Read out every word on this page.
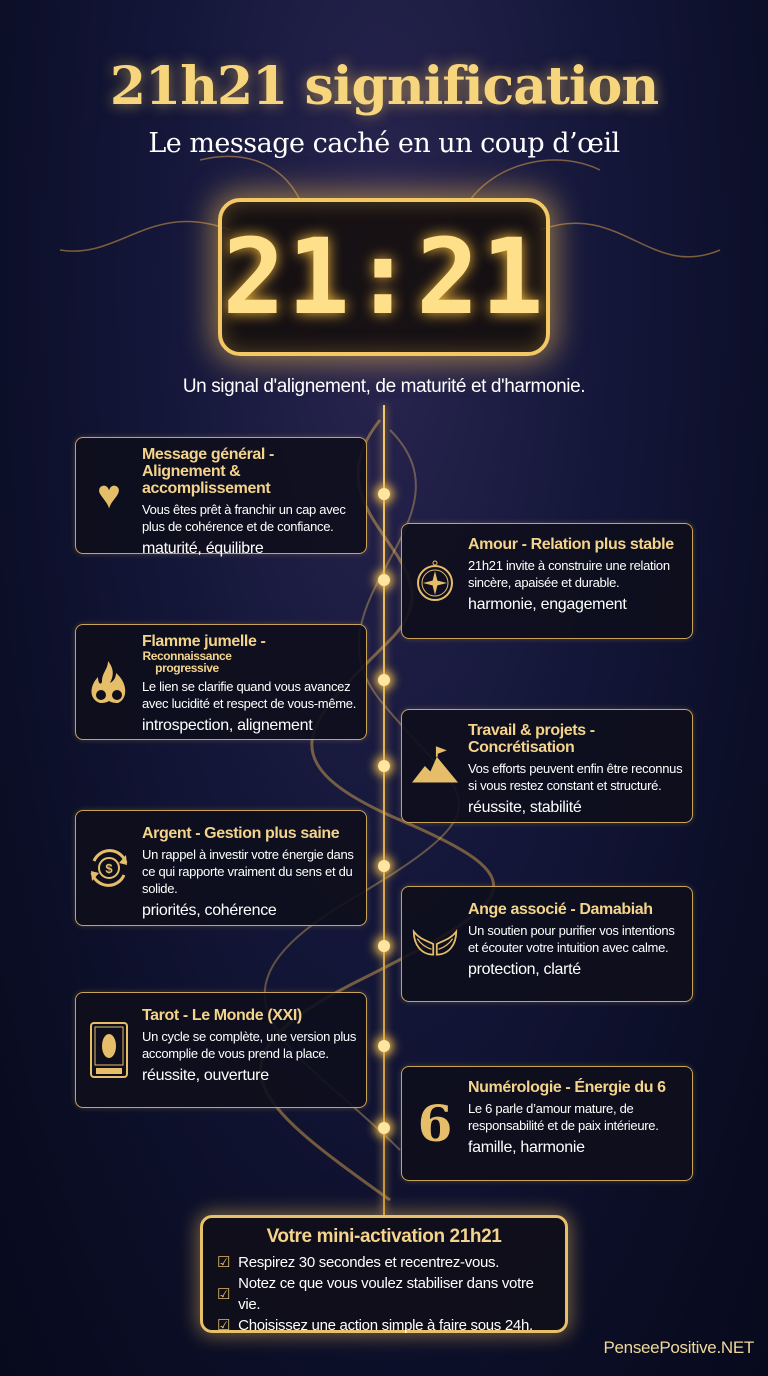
21h21 signification
Le message caché en un coup d’œil
21:21
Un signal d'alignement, de maturité et d'harmonie.
♥
Message général - Alignement & accomplissement

Vous êtes prêt à franchir un cap avec plus de cohérence et de confiance.

maturité, équilibre	Amour - Relation plus stable

21h21 invite à construire une relation sincère, apaisée et durable.

harmonie, engagement
Flamme jumelle - Reconnaissance progressive

Le lien se clarifie quand vous avancez avec lucidité et respect de vous-même.

introspection, alignement	Travail & projets - Concrétisation

Vos efforts peuvent enfin être reconnus si vous restez constant et structuré.

réussite, stabilité
$
Argent - Gestion plus saine

Un rappel à investir votre énergie dans ce qui rapporte vraiment du sens et du solide.

priorités, cohérence	Ange associé - Damabiah

Un soutien pour purifier vos intentions et écouter votre intuition avec calme.

protection, clarté
Tarot - Le Monde (XXI)

Un cycle se complète, une version plus accomplie de vous prend la place.

réussite, ouverture
6
Numérologie - Énergie du 6

Le 6 parle d’amour mature, de responsabilité et de paix intérieure.

famille, harmonie
Votre mini-activation 21h21
☑ Respirez 30 secondes et recentrez-vous.
☑
Notez ce que vous voulez stabiliser dans votre vie.
☑ Choisissez une action simple à faire sous 24h.
PenseePositive.NET
